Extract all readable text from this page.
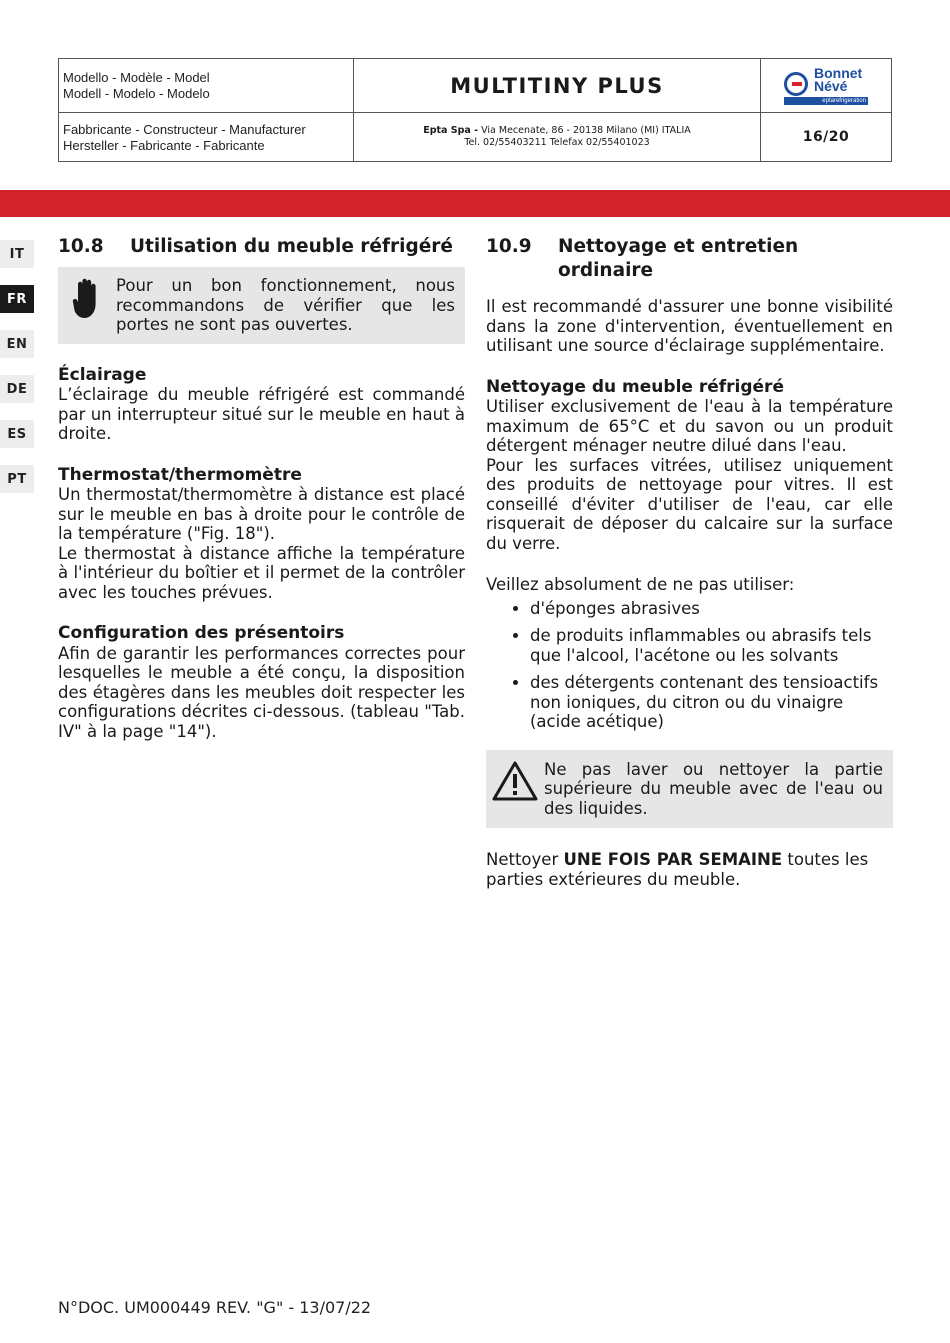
Modello - Modèle - Model
Modell - Modelo - Modelo	MULTITINY PLUS
Bonnet
Névé
eptarefrigeration
Fabbricante - Constructeur - Manufacturer
Hersteller - Fabricante - Fabricante
Epta Spa - Via Mecenate, 86 - 20138 Milano (MI) ITALIA
Tel. 02/55403211 Telefax 02/55401023	16/20
IT
FR
EN
DE
ES
PT
10.8	Utilisation du meuble réfrigéré
Pour un bon fonctionnement, nous recommandons de vérifier que les portes ne sont pas ouvertes.

Éclairage

L’éclairage du meuble réfrigéré est commandé par un interrupteur situé sur le meuble en haut à droite.

Thermostat/thermomètre

Un thermostat/thermomètre à distance est placé sur le meuble en bas à droite pour le contrôle de la température ("Fig. 18").

Le thermostat à distance affiche la température à l'intérieur du boîtier et il permet de la contrôler avec les touches prévues.

Configuration des présentoirs

Afin de garantir les performances correctes pour lesquelles le meuble a été conçu, la disposition des étagères dans les meubles doit respecter les configurations décrites ci-dessous. (tableau "Tab. IV" à la page "14").

10.9	Nettoyage et entretien ordinaire

Il est recommandé d'assurer une bonne visibilité dans la zone d'intervention, éventuellement en utilisant une source d'éclairage supplémentaire.

Nettoyage du meuble réfrigéré

Utiliser exclusivement de l'eau à la température maximum de 65°C et du savon ou un produit détergent ménager neutre dilué dans l'eau.

Pour les surfaces vitrées, utilisez uniquement des produits de nettoyage pour vitres. Il est conseillé d'éviter d'utiliser de l'eau, car elle risquerait de déposer du calcaire sur la surface du verre.

Veillez absolument de ne pas utiliser:

• d'éponges abrasives
• de produits inflammables ou abrasifs tels que l'alcool, l'acétone ou les solvants
• des détergents contenant des tensioactifs non ioniques, du citron ou du vinaigre (acide acétique)
Ne pas laver ou nettoyer la partie supérieure du meuble avec de l'eau ou des liquides.

Nettoyer UNE FOIS PAR SEMAINE toutes les parties extérieures du meuble.

N°DOC. UM000449 REV. "G" - 13/07/22
